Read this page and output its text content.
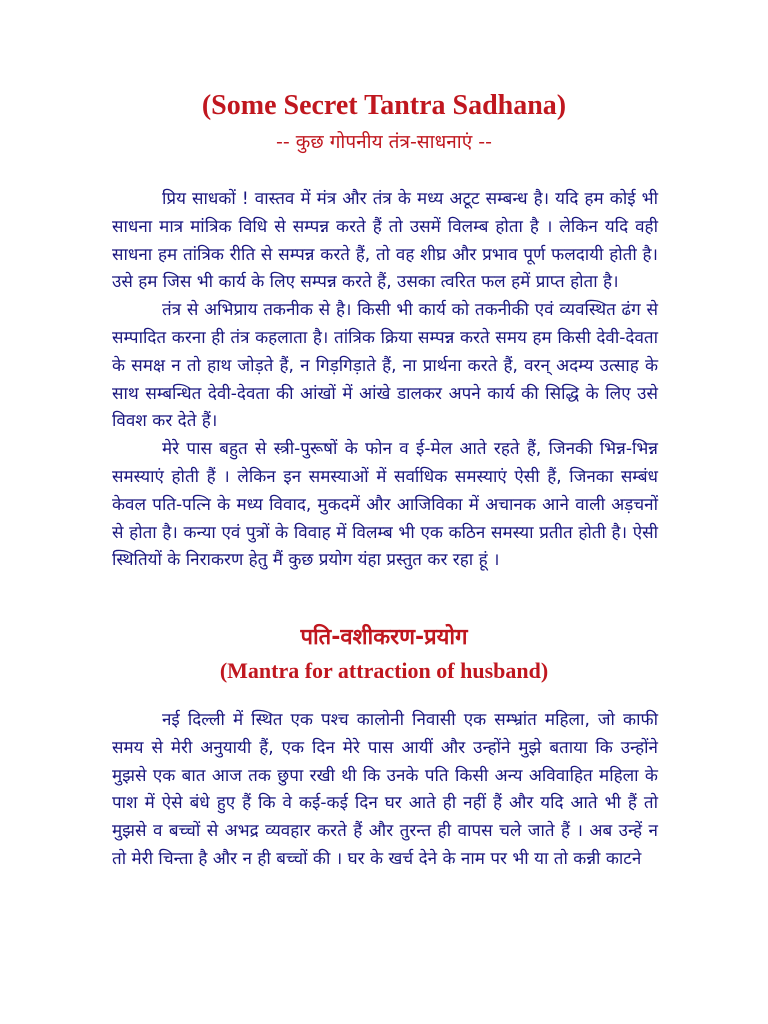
(Some Secret Tantra Sadhana)
-- कुछ गोपनीय तंत्र-साधनाएं --

प्रिय साधकों ! वास्तव में मंत्र और तंत्र के मध्य अटूट सम्बन्ध है। यदि हम कोई भी साधना मात्र मांत्रिक विधि से सम्पन्न करते हैं तो उसमें विलम्ब होता है । लेकिन यदि वही साधना हम तांत्रिक रीति से सम्पन्न करते हैं, तो वह शीघ्र और प्रभाव पूर्ण फलदायी होती है। उसे हम जिस भी कार्य के लिए सम्पन्न करते हैं, उसका त्वरित फल हमें प्राप्त होता है।

तंत्र से अभिप्राय तकनीक से है। किसी भी कार्य को तकनीकी एवं व्यवस्थित ढंग से सम्पादित करना ही तंत्र कहलाता है। तांत्रिक क्रिया सम्पन्न करते समय हम किसी देवी-देवता के समक्ष न तो हाथ जोड़ते हैं, न गिड़गिड़ाते हैं, ना प्रार्थना करते हैं, वरन् अदम्य उत्साह के साथ सम्बन्धित देवी-देवता की आंखों में आंखे डालकर अपने कार्य की सिद्धि के लिए उसे विवश कर देते हैं।

मेरे पास बहुत से स्त्री-पुरूषों के फोन व ई-मेल आते रहते हैं, जिनकी भिन्न-भिन्न समस्याएं होती हैं । लेकिन इन समस्याओं में सर्वाधिक समस्याएं ऐसी हैं, जिनका सम्बंध केवल पति-पत्नि के मध्य विवाद, मुकदमें और आजिविका में अचानक आने वाली अड़चनों से होता है। कन्या एवं पुत्रों के विवाह में विलम्ब भी एक कठिन समस्या प्रतीत होती है। ऐसी स्थितियों के निराकरण हेतु मैं कुछ प्रयोग यंहा प्रस्तुत कर रहा हूं ।

पति-वशीकरण-प्रयोग
(Mantra for attraction of husband)

नई दिल्ली में स्थित एक पश्च कालोनी निवासी एक सम्भ्रांत महिला, जो काफी समय से मेरी अनुयायी हैं, एक दिन मेरे पास आयीं और उन्होंने मुझे बताया कि उन्होंने मुझसे एक बात आज तक छुपा रखी थी कि उनके पति किसी अन्य अविवाहित महिला के पाश में ऐसे बंधे हुए हैं कि वे कई-कई दिन घर आते ही नहीं हैं और यदि आते भी हैं तो मुझसे व बच्चों से अभद्र व्यवहार करते हैं और तुरन्त ही वापस चले जाते हैं । अब उन्हें न तो मेरी चिन्ता है और न ही बच्चों की । घर के खर्च देने के नाम पर भी या तो कन्नी काटने
